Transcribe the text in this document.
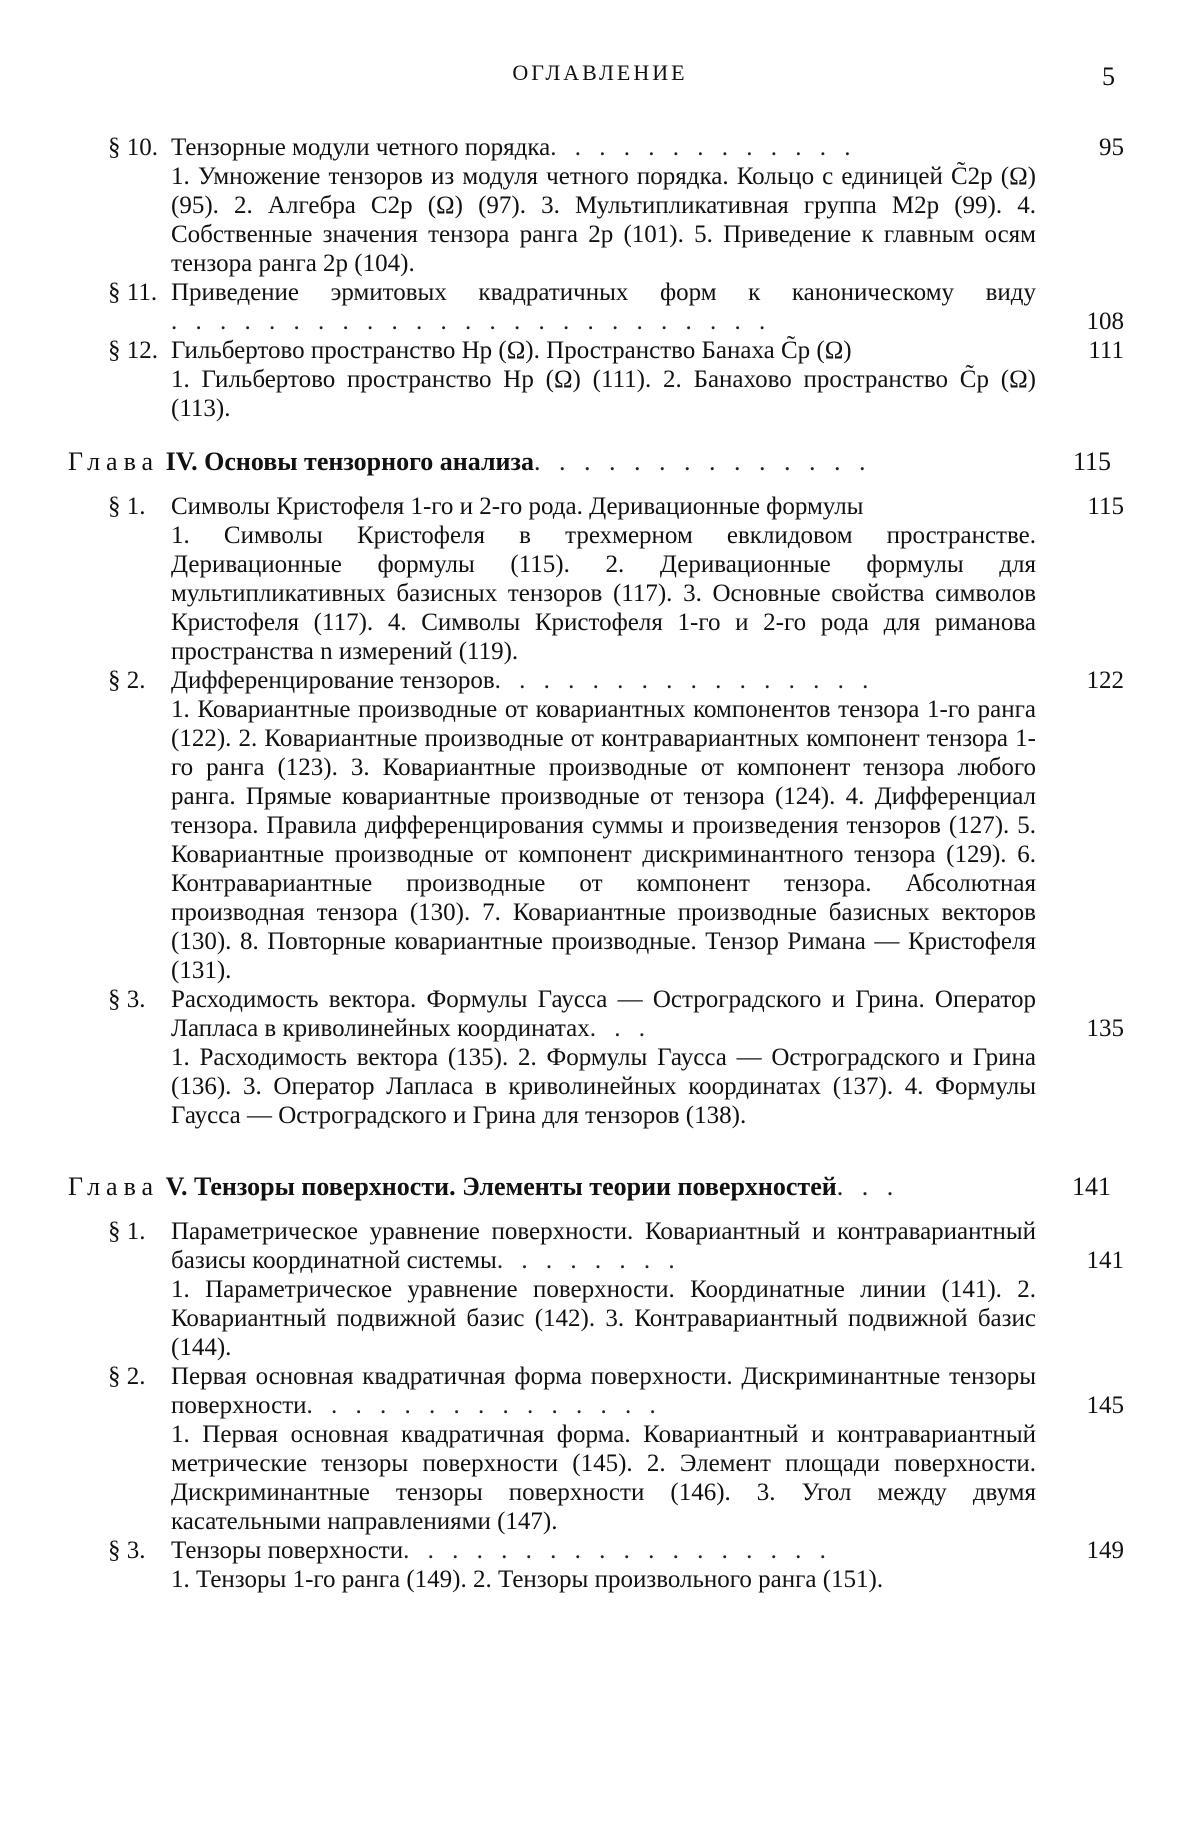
ОГЛАВЛЕНИЕ	5
§ 10. Тензорные модули четного порядка. . . . . . . . . . . . .	95
1. Умножение тензоров из модуля четного порядка. Кольцо с единицей C̃2p (Ω) (95). 2. Алгебра C2p (Ω) (97). 3. Мультипликативная группа M2p (99). 4. Собственные значения тензора ранга 2p (101). 5. Приведение к главным осям тензора ранга 2p (104).
§ 11. Приведение эрмитовых квадратичных форм к каноническому виду. . . . . . . . . . . . . . . . . . . . . . . . .	108
§ 12. Гильбертово пространство Hp (Ω). Пространство Банаха C̃p (Ω)	111
1. Гильбертово пространство Hp (Ω) (111). 2. Банахово пространство C̃p (Ω) (113).
Глава IV. Основы тензорного анализа. . . . . . . . . . . . . .	115
§ 1.	Символы Кристофеля 1-го и 2-го рода. Деривационные формулы	115
1. Символы Кристофеля в трехмерном евклидовом пространстве. Деривационные формулы (115). 2. Деривационные формулы для мультипликативных базисных тензоров (117). 3. Основные свойства символов Кристофеля (117). 4. Символы Кристофеля 1-го и 2-го рода для риманова пространства n измерений (119).
§ 2.	Дифференцирование тензоров. . . . . . . . . . . . . . . .	122
1. Ковариантные производные от ковариантных компонентов тензора 1-го ранга (122). 2. Ковариантные производные от контравариантных компонент тензора 1-го ранга (123). 3. Ковариантные производные от компонент тензора любого ранга. Прямые ковариантные производные от тензора (124). 4. Дифференциал тензора. Правила дифференцирования суммы и произведения тензоров (127). 5. Ковариантные производные от компонент дискриминантного тензора (129). 6. Контравариантные производные от компонент тензора. Абсолютная производная тензора (130). 7. Ковариантные производные базисных векторов (130). 8. Повторные ковариантные производные. Тензор Римана — Кристофеля (131).
§ 3.	Расходимость вектора. Формулы Гаусса — Остроградского и Грина. Оператор Лапласа в криволинейных координатах. . .	135
1. Расходимость вектора (135). 2. Формулы Гаусса — Остроградского и Грина (136). 3. Оператор Лапласа в криволинейных координатах (137). 4. Формулы Гаусса — Остроградского и Грина для тензоров (138).
Глава V. Тензоры поверхности. Элементы теории поверхностей. . .	141
§ 1.	Параметрическое уравнение поверхности. Ковариантный и контравариантный базисы координатной системы. . . . . . . .	141
1. Параметрическое уравнение поверхности. Координатные линии (141). 2. Ковариантный подвижной базис (142). 3. Контравариантный подвижной базис (144).
§ 2.	Первая основная квадратичная форма поверхности. Дискриминантные тензоры поверхности. . . . . . . . . . . . . . .	145
1. Первая основная квадратичная форма. Ковариантный и контравариантный метрические тензоры поверхности (145). 2. Элемент площади поверхности. Дискриминантные тензоры поверхности (146). 3. Угол между двумя касательными направлениями (147).
§ 3.	Тензоры поверхности. . . . . . . . . . . . . . . . . .	149
1. Тензоры 1-го ранга (149). 2. Тензоры произвольного ранга (151).
